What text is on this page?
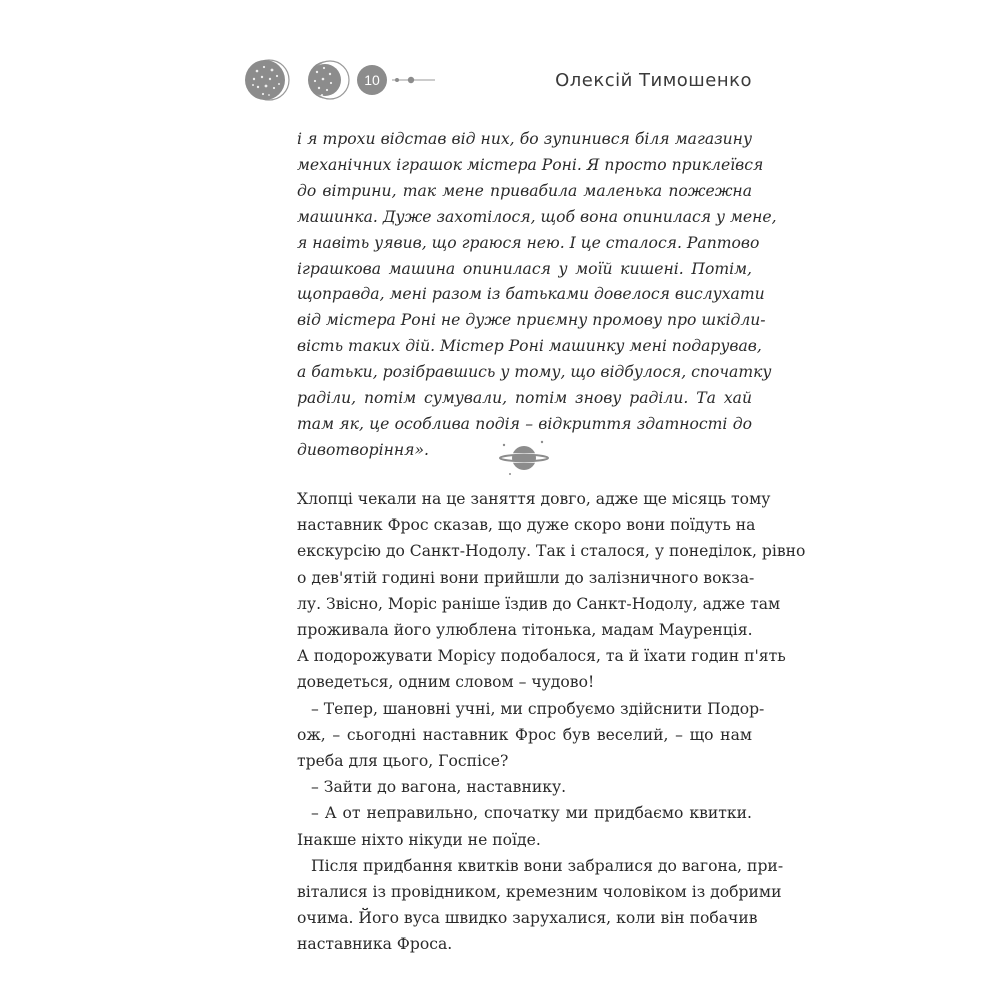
10	Олексій Тимошенко
і я трохи відстав від них, бо зупинився біля магазину
механічних іграшок містера Роні. Я просто приклеївся
до вітрини, так мене привабила маленька пожежна
машинка. Дуже захотілося, щоб вона опинилася у мене,
я навіть уявив, що граюся нею. І це сталося. Раптово
іграшкова машина опинилася у моїй кишені. Потім,
щоправда, мені разом із батьками довелося вислухати
від містера Роні не дуже приємну промову про шкідли-
вість таких дій. Містер Роні машинку мені подарував,
а батьки, розібравшись у тому, що відбулося, спочатку
раділи, потім сумували, потім знову раділи. Та хай
там як, це особлива подія – відкриття здатності до
дивотворіння».
Хлопці чекали на це заняття довго, адже ще місяць тому
наставник Фрос сказав, що дуже скоро вони поїдуть на
екскурсію до Санкт-Нодолу. Так і сталося, у понеділок, рівно
о дев'ятій годині вони прийшли до залізничного вокза-
лу. Звісно, Моріс раніше їздив до Санкт-Нодолу, адже там
проживала його улюблена тітонька, мадам Мауренція.
А подорожувати Морісу подобалося, та й їхати годин п'ять
доведеться, одним словом – чудово!
– Тепер, шановні учні, ми спробуємо здійснити Подор-
ож, – сьогодні наставник Фрос був веселий, – що нам
треба для цього, Госпісе?
– Зайти до вагона, наставнику.
– А от неправильно, спочатку ми придбаємо квитки.
Інакше ніхто нікуди не поїде.
Після придбання квитків вони забралися до вагона, при-
віталися із провідником, кремезним чоловіком із добрими
очима. Його вуса швидко зарухалися, коли він побачив
наставника Фроса.
